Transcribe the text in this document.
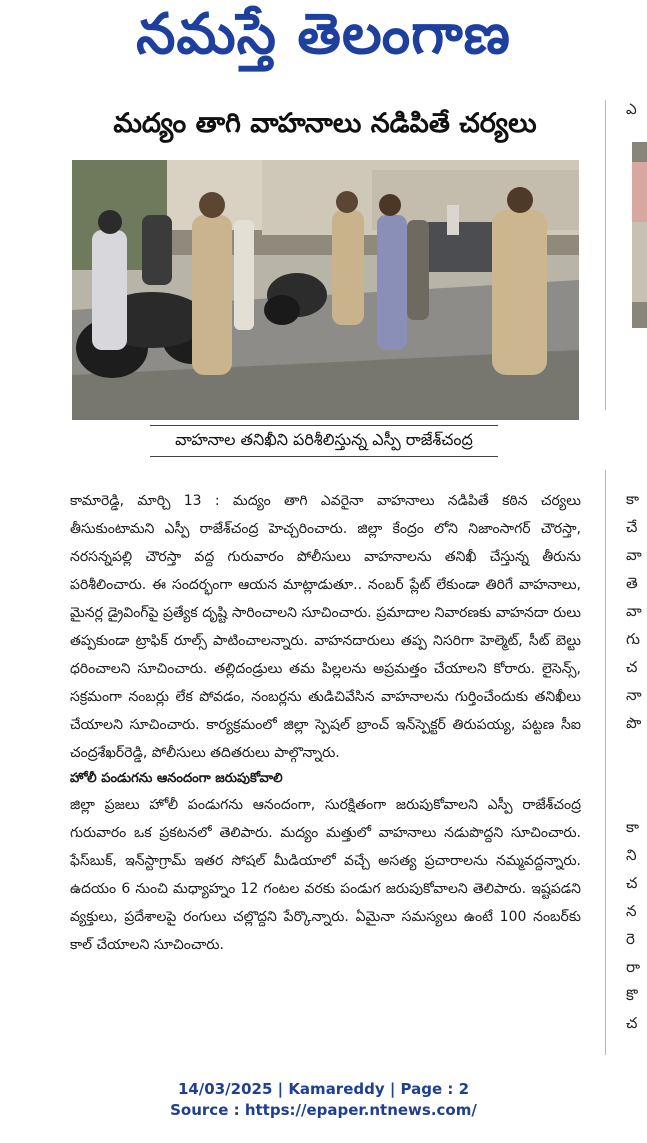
నమస్తే తెలంగాణ
మద్యం తాగి వాహనాలు నడిపితే చర్యలు
వాహనాల తనిఖీని పరిశీలిస్తున్న ఎస్పీ రాజేశ్‌చంద్ర

కామారెడ్డి, మార్చి 13 : మద్యం తాగి ఎవరైనా వాహనాలు నడిపితే కఠిన చర్యలు తీసుకుంటామని ఎస్పీ రాజేశ్‌చంద్ర హెచ్చరించారు. జిల్లా కేంద్రం లోని నిజాంసాగర్ చౌరస్తా, నరసన్నపల్లి చౌరస్తా వద్ద గురువారం పోలీసులు వాహనాలను తనిఖీ చేస్తున్న తీరును పరిశీలించారు. ఈ సందర్భంగా ఆయన మాట్లాడుతూ.. నంబర్ ప్లేట్ లేకుండా తిరిగే వాహనాలు, మైనర్ల డ్రైవింగ్‌పై ప్రత్యేక దృష్టి సారించాలని సూచించారు. ప్రమాదాల నివారణకు వాహనదా రులు తప్పకుండా ట్రాఫిక్ రూల్స్ పాటించాలన్నారు. వాహనదారులు తప్ప నిసరిగా హెల్మెట్, సీట్ బెల్టు ధరించాలని సూచించారు. తల్లిదండ్రులు తమ పిల్లలను అప్రమత్తం చేయాలని కోరారు. లైసెన్స్, సక్రమంగా నంబర్లు లేక పోవడం, నంబర్లను తుడిచివేసిన వాహనాలను గుర్తించేందుకు తనిఖీలు చేయాలని సూచించారు. కార్యక్రమంలో జిల్లా స్పెషల్ బ్రాంచ్ ఇన్‌స్పెక్టర్ తిరుపయ్య, పట్టణ సీఐ చంద్రశేఖర్‌రెడ్డి, పోలీసులు తదితరులు పాల్గొన్నారు.

హోలీ పండుగను ఆనందంగా జరుపుకోవాలి

జిల్లా ప్రజలు హోలీ పండుగను ఆనందంగా, సురక్షితంగా జరుపుకోవాలని ఎస్పీ రాజేశ్‌చంద్ర గురువారం ఒక ప్రకటనలో తెలిపారు. మద్యం మత్తులో వాహనాలు నడుపొద్దని సూచించారు. ఫేస్‌బుక్, ఇన్‌స్టాగ్రామ్ ఇతర సోషల్ మీడియాలో వచ్చే అసత్య ప్రచారాలను నమ్మవద్దన్నారు. ఉదయం 6 నుంచి మధ్యాహ్నం 12 గంటల వరకు పండుగ జరుపుకోవాలని తెలిపారు. ఇష్టపడని వ్యక్తులు, ప్రదేశాలపై రంగులు చల్లొద్దని పేర్కొన్నారు. ఏమైనా సమస్యలు ఉంటే 100 నంబర్‌కు కాల్ చేయాలని సూచించారు.

ఎ
కా
చే
వా
తె
వా
గు
చ
నా
పొ
కా
ని
చ
న
రె
రా
కొ
చ
14/03/2025 | Kamareddy | Page : 2
Source : https://epaper.ntnews.com/
